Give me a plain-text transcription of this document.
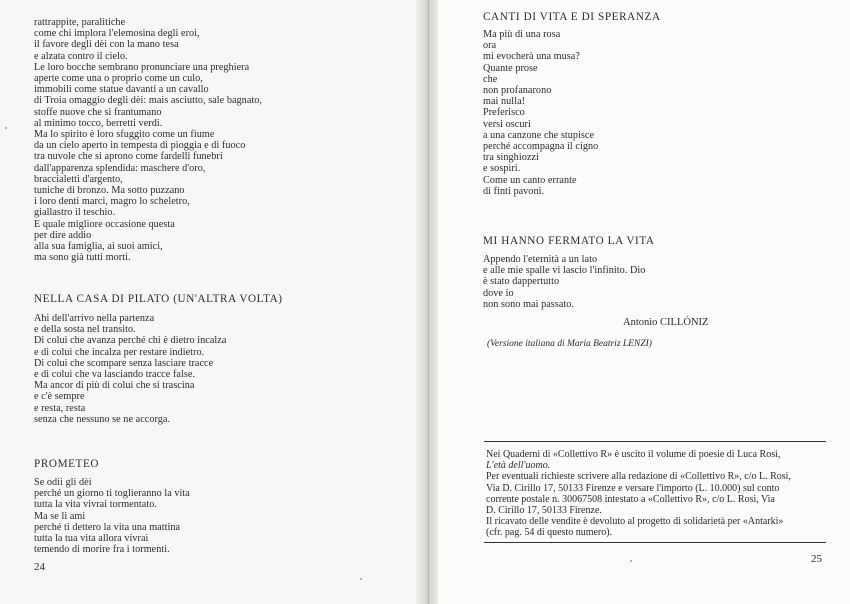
rattrappite, paralitiche
come chi implora l'elemosina degli eroi,
il favore degli dèi con la mano tesa
e alzata contro il cielo.
Le loro bocche sembrano pronunciare una preghiera
aperte come una o proprio come un culo,
immobili come statue davanti a un cavallo
di Troia omaggio degli dèi: mais asciutto, sale bagnato,
stoffe nuove che si frantumano
al minimo tocco, berretti verdi.
Ma lo spirito è loro sfuggito come un fiume
da un cielo aperto in tempesta di pioggia e di fuoco
tra nuvole che si aprono come fardelli funebri
dall'apparenza splendida: maschere d'oro,
braccialetti d'argento,
tuniche di bronzo. Ma sotto puzzano
i loro denti marci, magro lo scheletro,
giallastro il teschio.
E quale migliore occasione questa
per dire addio
alla sua famiglia, ai suoi amici,
ma sono già tutti morti.
NELLA CASA DI PILATO (UN'ALTRA VOLTA)
Ahi dell'arrivo nella partenza
e della sosta nel transito.
Di colui che avanza perché chi è dietro incalza
e di colui che incalza per restare indietro.
Di colui che scompare senza lasciare tracce
e di colui che va lasciando tracce false.
Ma ancor di più di colui che si trascina
e c'è sempre
e resta, resta
senza che nessuno se ne accorga.
PROMETEO
Se odii gli dèi
perché un giorno ti toglieranno la vita
tutta la vita vivrai tormentato.
Ma se li ami
perché ti dettero la vita una mattina
tutta la tua vita allora vivrai
temendo di morire fra i tormenti.
24
CANTI DI VITA E DI SPERANZA
Ma più di una rosa
ora
mi evocherà una musa?
Quante prose
che
non profanarono
mai nulla!
Preferisco
versi oscuri
a una canzone che stupisce
perché accompagna il cigno
tra singhiozzi
e sospiri.
Come un canto errante
di finti pavoni.
MI HANNO FERMATO LA VITA
Appendo l'eternità a un lato
e alle mie spalle vi lascio l'infinito. Dio
è stato dappertutto
dove io
non sono mai passato.
Antonio CILLÓNIZ
(Versione italiana di Maria Beatriz LENZI)
Nei Quaderni di «Collettivo R» è uscito il volume di poesie di Luca Rosi,
L'età dell'uomo.
Per eventuali richieste scrivere alla redazione di «Collettivo R», c/o L. Rosi,
Via D. Cirillo 17, 50133 Firenze e versare l'importo (L. 10.000) sul conto
corrente postale n. 30067508 intestato a «Collettivo R», c/o L. Rosi, Via
D. Cirillo 17, 50133 Firenze.
Il ricavato delle vendite è devoluto al progetto di solidarietà per «Antarki»
(cfr. pag. 54 di questo numero).
25
